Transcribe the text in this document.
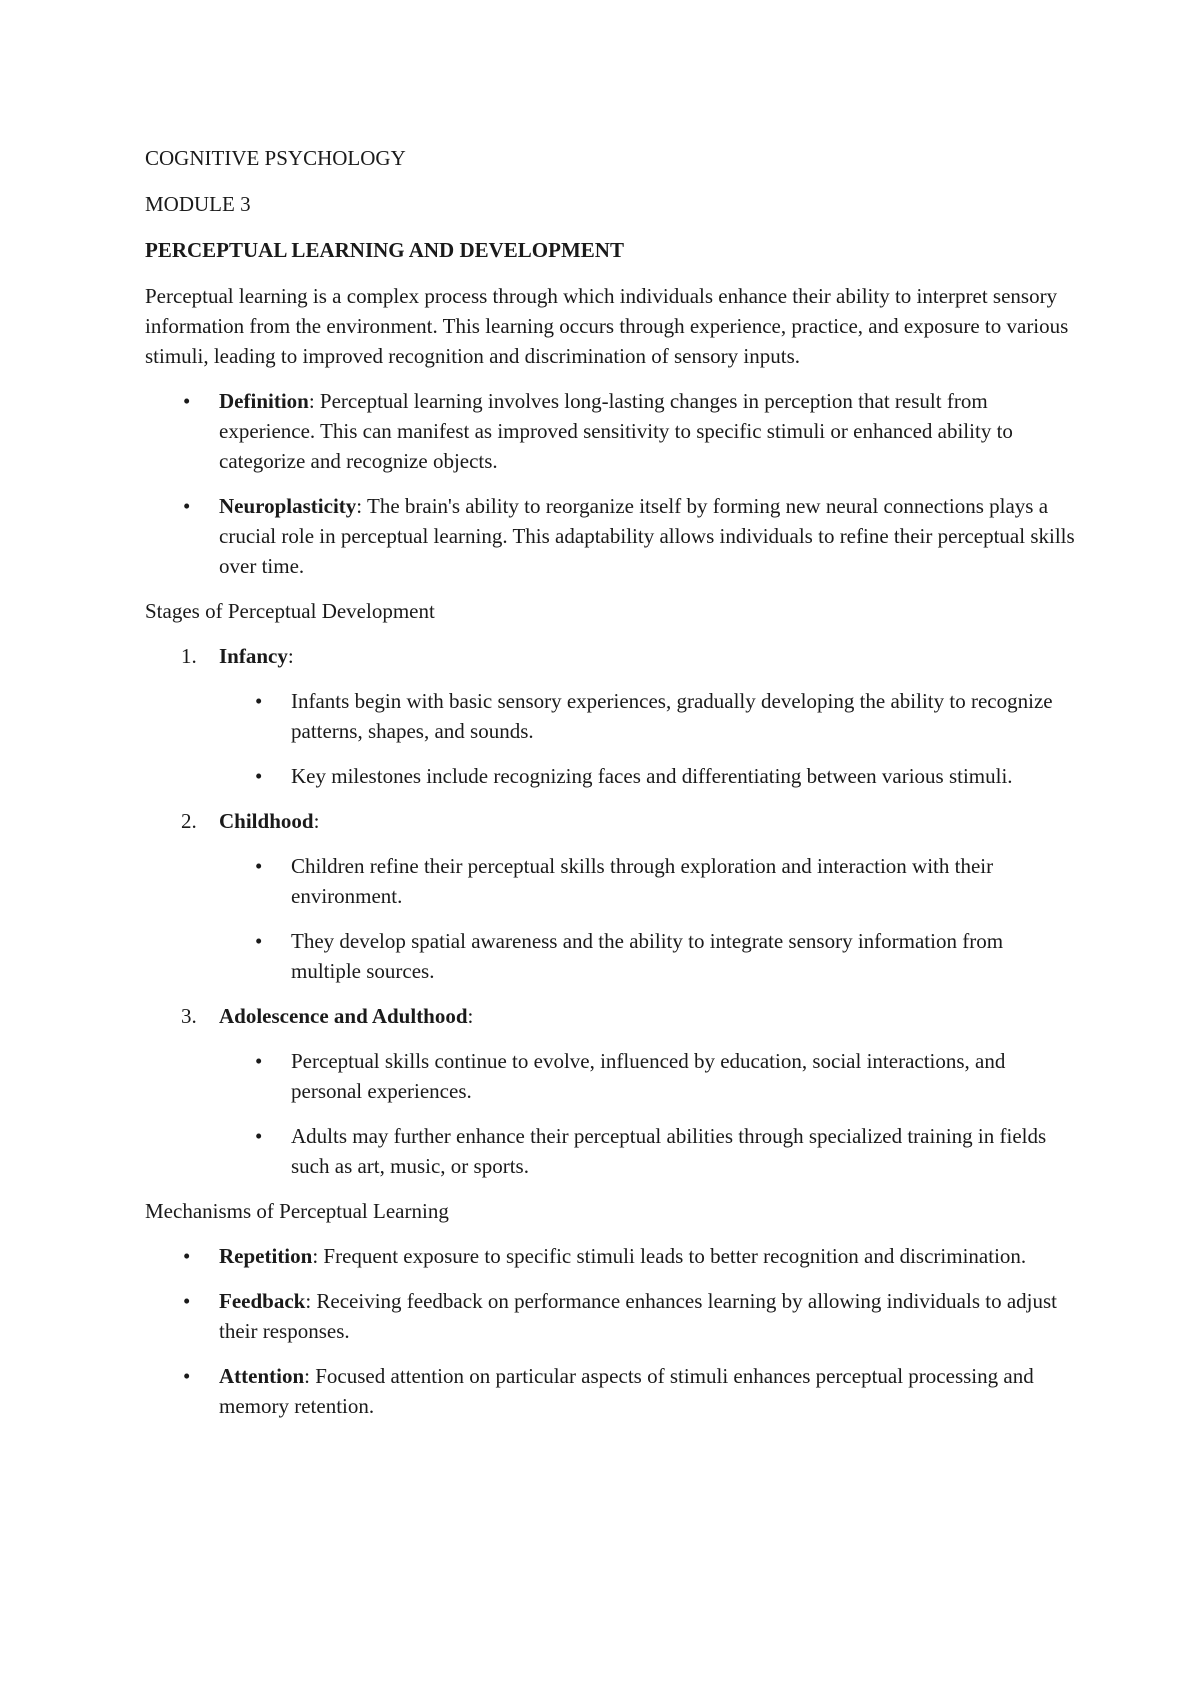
COGNITIVE PSYCHOLOGY

MODULE 3

PERCEPTUAL LEARNING AND DEVELOPMENT

Perceptual learning is a complex process through which individuals enhance their ability to interpret sensory information from the environment. This learning occurs through experience, practice, and exposure to various stimuli, leading to improved recognition and discrimination of sensory inputs.

• Definition: Perceptual learning involves long-lasting changes in perception that result from experience. This can manifest as improved sensitivity to specific stimuli or enhanced ability to categorize and recognize objects.
• Neuroplasticity: The brain's ability to reorganize itself by forming new neural connections plays a crucial role in perceptual learning. This adaptability allows individuals to refine their perceptual skills over time.

Stages of Perceptual Development

1. Infancy:
• Infants begin with basic sensory experiences, gradually developing the ability to recognize patterns, shapes, and sounds.
• Key milestones include recognizing faces and differentiating between various stimuli.
2. Childhood:
• Children refine their perceptual skills through exploration and interaction with their environment.
• They develop spatial awareness and the ability to integrate sensory information from multiple sources.
3. Adolescence and Adulthood:
• Perceptual skills continue to evolve, influenced by education, social interactions, and personal experiences.
• Adults may further enhance their perceptual abilities through specialized training in fields such as art, music, or sports.

Mechanisms of Perceptual Learning

• Repetition: Frequent exposure to specific stimuli leads to better recognition and discrimination.
• Feedback: Receiving feedback on performance enhances learning by allowing individuals to adjust their responses.
• Attention: Focused attention on particular aspects of stimuli enhances perceptual processing and memory retention.
